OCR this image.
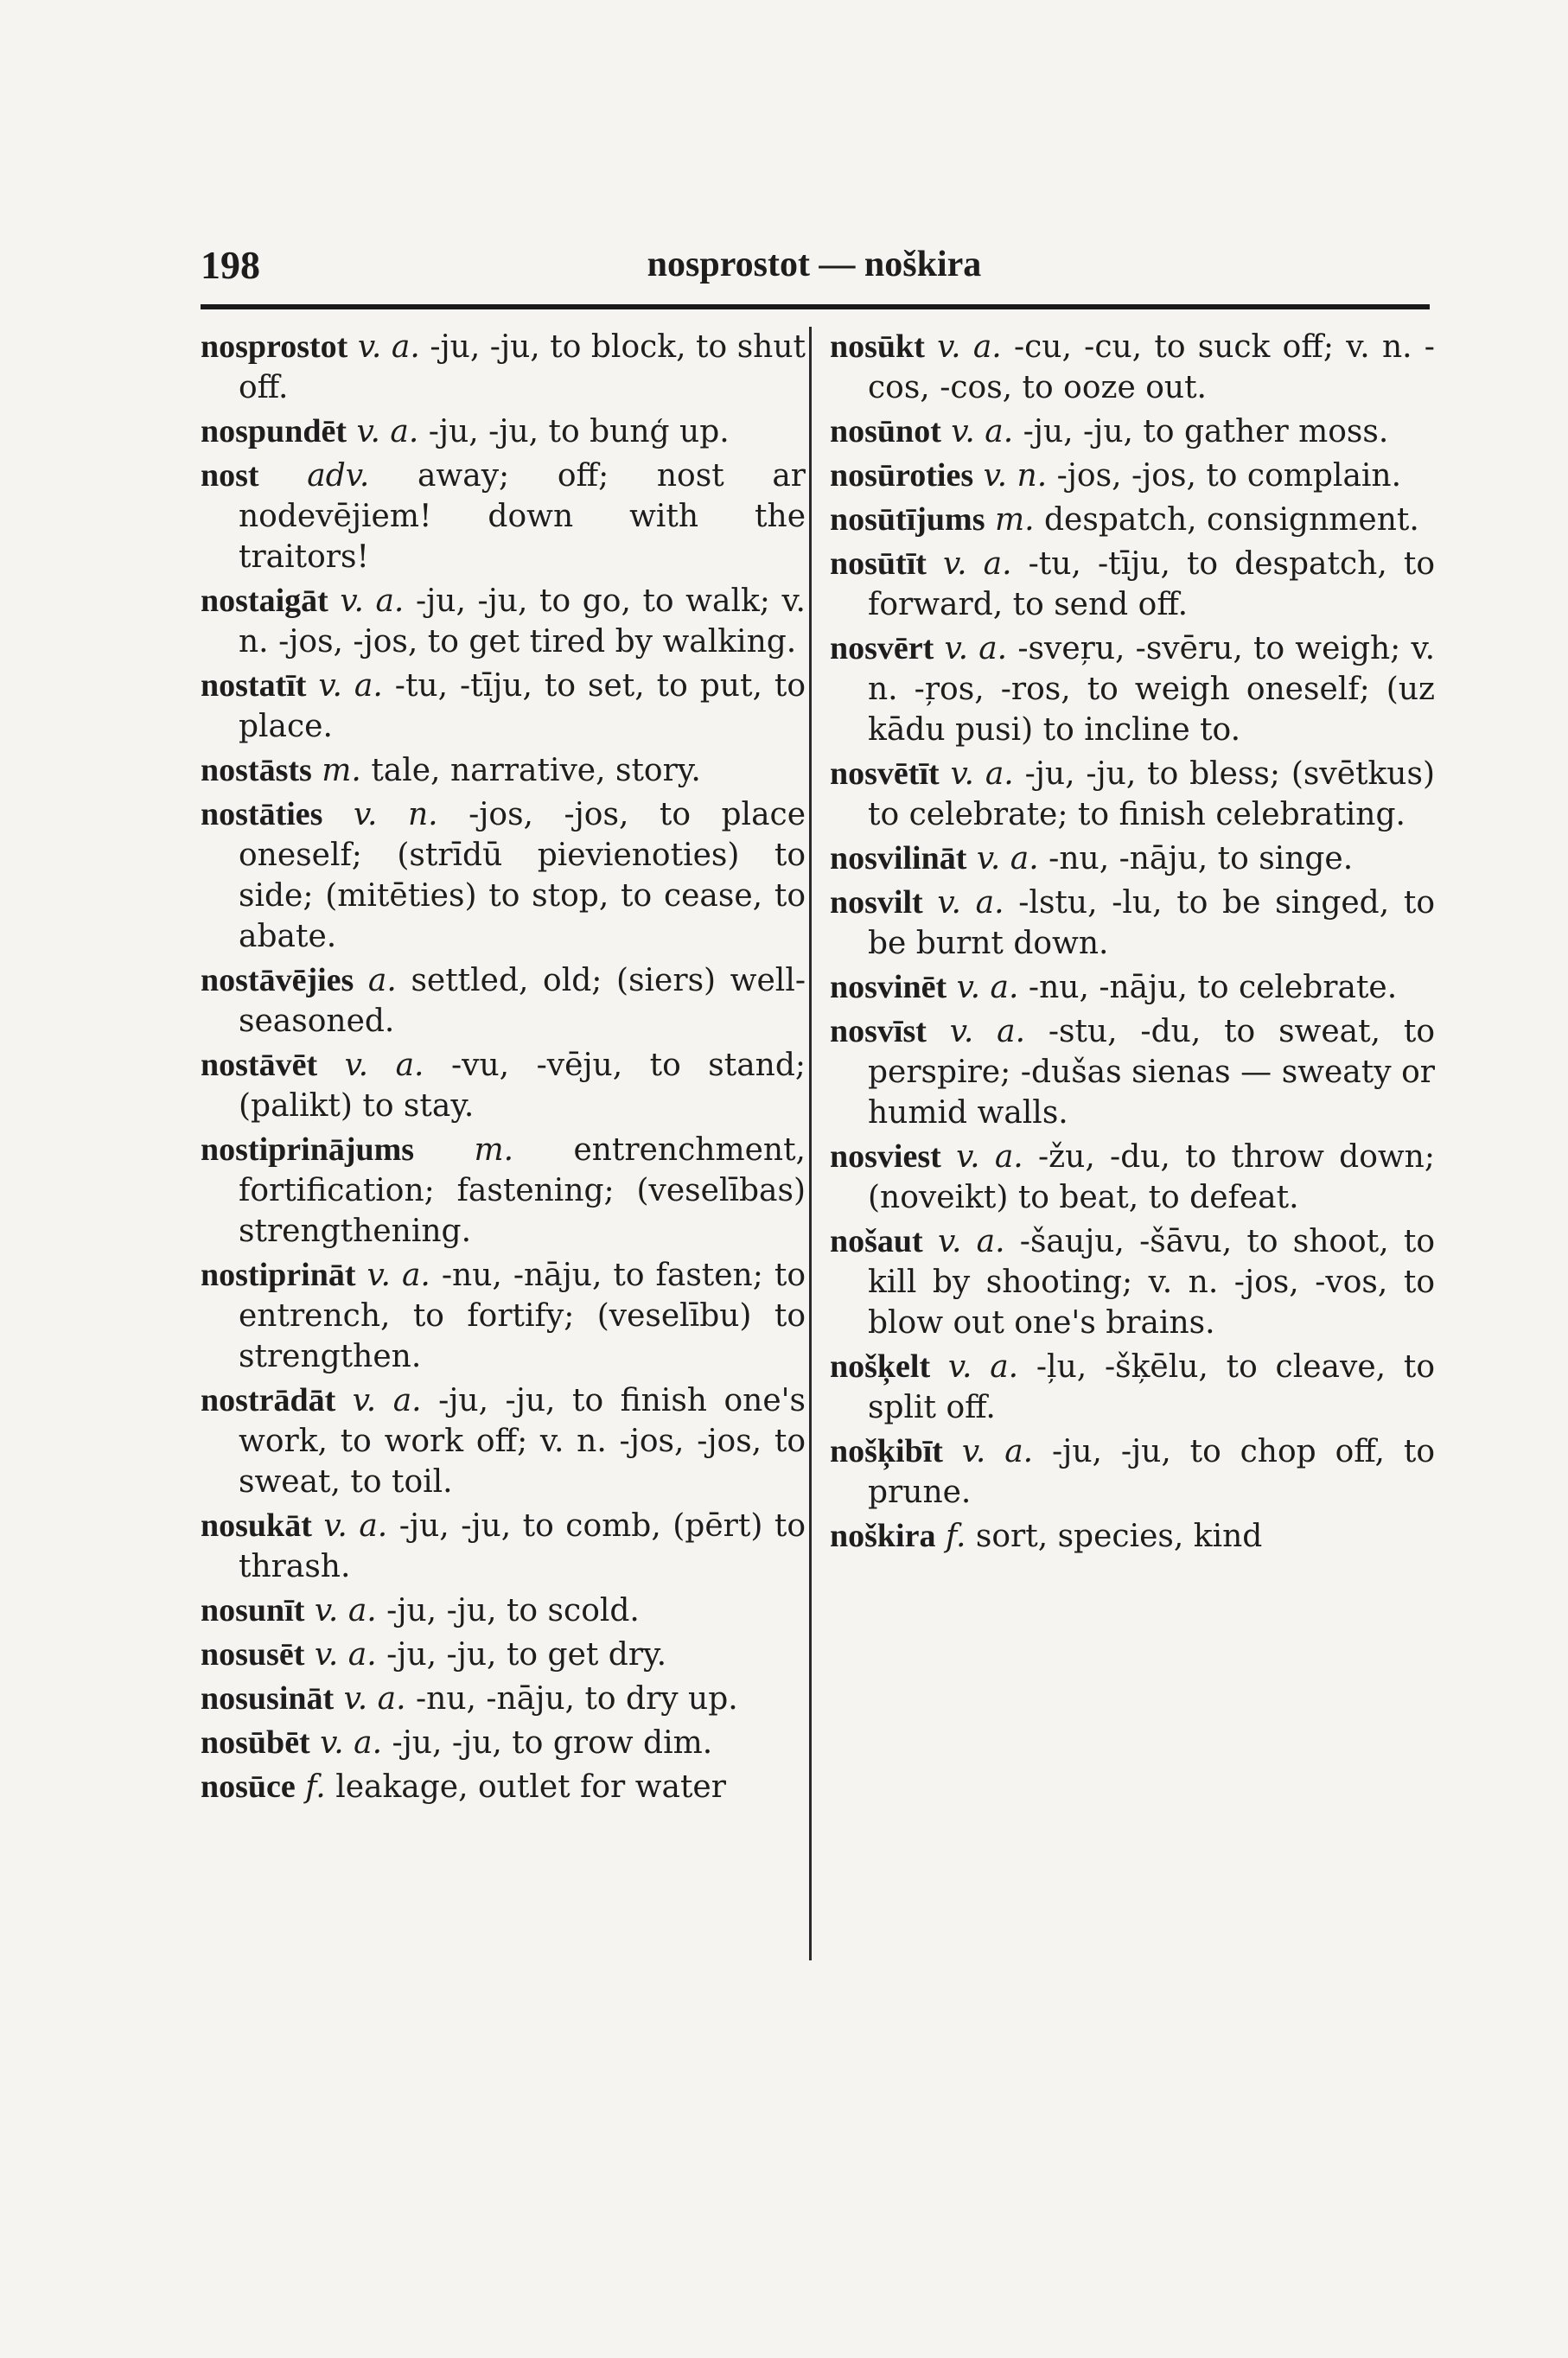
198	nosprostot — noškira

nosprostot v. a. -ju, -ju, to block, to shut off.

nospundēt v. a. -ju, -ju, to bunģ up.

nost adv. away; off; nost ar nodevējiem! down with the traitors!

nostaigāt v. a. -ju, -ju, to go, to walk; v. n. -jos, -jos, to get tired by walking.

nostatīt v. a. -tu, -tīju, to set, to put, to place.

nostāsts m. tale, narrative, story.

nostāties v. n. -jos, -jos, to place oneself; (strīdū pievienoties) to side; (mitēties) to stop, to cease, to abate.

nostāvējies a. settled, old; (siers) well-seasoned.

nostāvēt v. a. -vu, -vēju, to stand; (palikt) to stay.

nostiprinājums m. entrenchment, fortification; fastening; (veselības) strengthening.

nostiprināt v. a. -nu, -nāju, to fasten; to entrench, to fortify; (veselību) to strengthen.

nostrādāt v. a. -ju, -ju, to finish one's work, to work off; v. n. -jos, -jos, to sweat, to toil.

nosukāt v. a. -ju, -ju, to comb, (pērt) to thrash.

nosunīt v. a. -ju, -ju, to scold.

nosusēt v. a. -ju, -ju, to get dry.

nosusināt v. a. -nu, -nāju, to dry up.

nosūbēt v. a. -ju, -ju, to grow dim.

nosūce f. leakage, outlet for water

nosūkt v. a. -cu, -cu, to suck off; v. n. -cos, -cos, to ooze out.

nosūnot v. a. -ju, -ju, to gather moss.

nosūroties v. n. -jos, -jos, to complain.

nosūtījums m. despatch, consignment.

nosūtīt v. a. -tu, -tīju, to despatch, to forward, to send off.

nosvērt v. a. -sveŗu, -svēru, to weigh; v. n. -ŗos, -ros, to weigh oneself; (uz kādu pusi) to incline to.

nosvētīt v. a. -ju, -ju, to bless; (svētkus) to celebrate; to finish celebrating.

nosvilināt v. a. -nu, -nāju, to singe.

nosvilt v. a. -lstu, -lu, to be singed, to be burnt down.

nosvinēt v. a. -nu, -nāju, to celebrate.

nosvīst v. a. -stu, -du, to sweat, to perspire; -dušas sienas — sweaty or humid walls.

nosviest v. a. -žu, -du, to throw down; (noveikt) to beat, to defeat.

nošaut v. a. -šauju, -šāvu, to shoot, to kill by shooting; v. n. -jos, -vos, to blow out one's brains.

nošķelt v. a. -ļu, -šķēlu, to cleave, to split off.

nošķibīt v. a. -ju, -ju, to chop off, to prune.

noškira f. sort, species, kind
